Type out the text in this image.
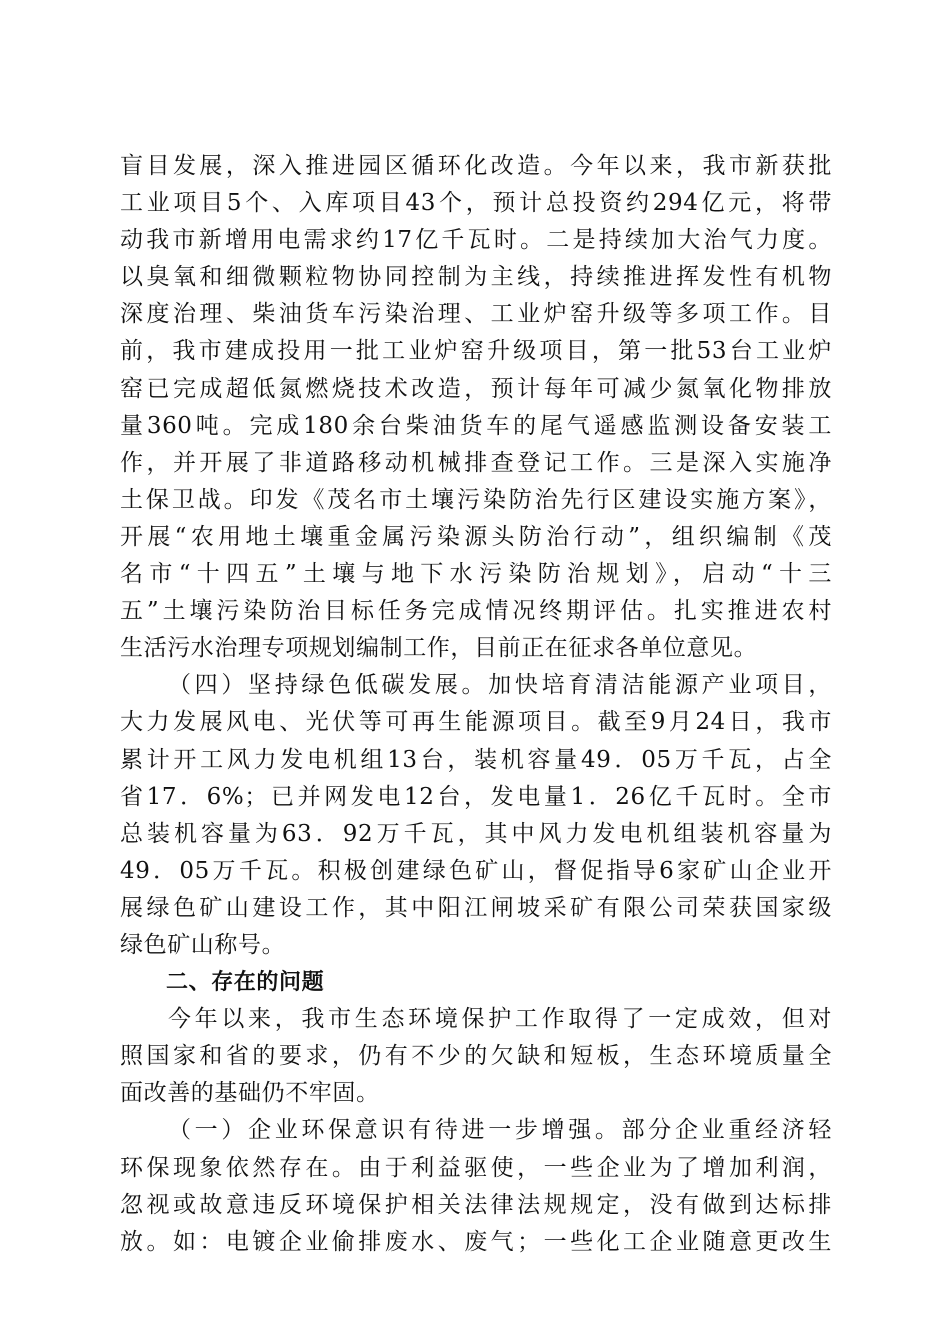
盲目发展，深入推进园区循环化改造。今年以来，我市新获批
工业项目5个、入库项目43个，预计总投资约294亿元，将带
动我市新增用电需求约17亿千瓦时。二是持续加大治气力度。
以臭氧和细微颗粒物协同控制为主线，持续推进挥发性有机物
深度治理、柴油货车污染治理、工业炉窑升级等多项工作。目
前，我市建成投用一批工业炉窑升级项目，第一批53台工业炉
窑已完成超低氮燃烧技术改造，预计每年可减少氮氧化物排放
量360吨。完成180余台柴油货车的尾气遥感监测设备安装工
作，并开展了非道路移动机械排查登记工作。三是深入实施净
土保卫战。印发《茂名市土壤污染防治先行区建设实施方案》，
开展“农用地土壤重金属污染源头防治行动”，组织编制《茂
名市“十四五”土壤与地下水污染防治规划》，启动“十三
五”土壤污染防治目标任务完成情况终期评估。扎实推进农村
生活污水治理专项规划编制工作，目前正在征求各单位意见。
（四）坚持绿色低碳发展。加快培育清洁能源产业项目，
大力发展风电、光伏等可再生能源项目。截至9月24日，我市
累计开工风力发电机组13台，装机容量49．05万千瓦，占全
省17．6%；已并网发电12台，发电量1．26亿千瓦时。全市
总装机容量为63．92万千瓦，其中风力发电机组装机容量为
49．05万千瓦。积极创建绿色矿山，督促指导6家矿山企业开
展绿色矿山建设工作，其中阳江闸坡采矿有限公司荣获国家级
绿色矿山称号。
二、存在的问题
今年以来，我市生态环境保护工作取得了一定成效，但对
照国家和省的要求，仍有不少的欠缺和短板，生态环境质量全
面改善的基础仍不牢固。
（一）企业环保意识有待进一步增强。部分企业重经济轻
环保现象依然存在。由于利益驱使，一些企业为了增加利润，
忽视或故意违反环境保护相关法律法规规定，没有做到达标排
放。如：电镀企业偷排废水、废气；一些化工企业随意更改生
